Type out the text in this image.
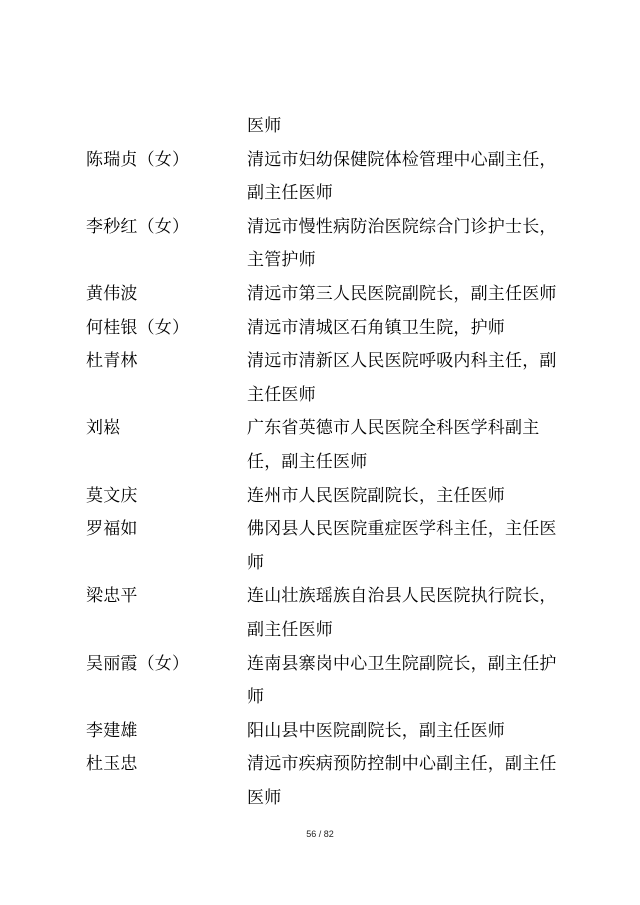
医师
陈瑞贞（女）	清远市妇幼保健院体检管理中心副主任，
副主任医师
李秒红（女）	清远市慢性病防治医院综合门诊护士长，
主管护师
黄伟波	清远市第三人民医院副院长，副主任医师
何桂银（女）	清远市清城区石角镇卫生院，护师
杜青林	清远市清新区人民医院呼吸内科主任，副
主任医师
刘崧	广东省英德市人民医院全科医学科副主
任，副主任医师
莫文庆	连州市人民医院副院长，主任医师
罗福如	佛冈县人民医院重症医学科主任，主任医
师
梁忠平	连山壮族瑶族自治县人民医院执行院长，
副主任医师
吴丽霞（女）	连南县寨岗中心卫生院副院长，副主任护
师
李建雄	阳山县中医院副院长，副主任医师
杜玉忠	清远市疾病预防控制中心副主任，副主任
医师
56 / 82
